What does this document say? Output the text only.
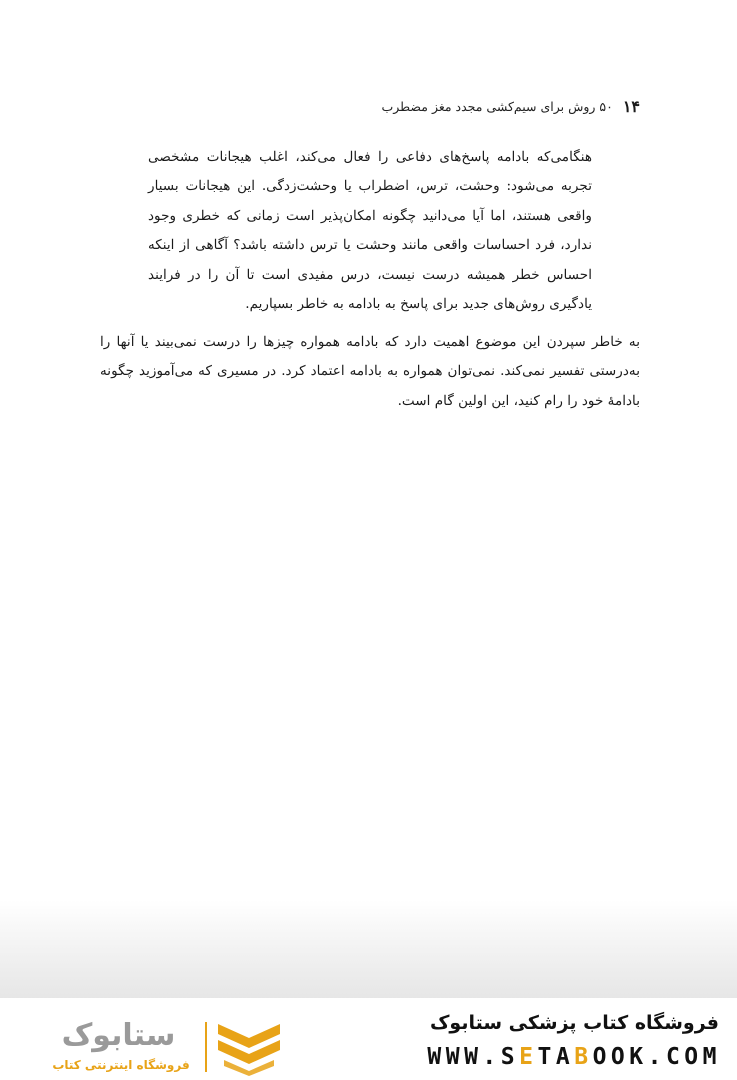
۱۴
۵۰ روش برای سیم‌کشی مجدد مغز مضطرب
هنگامی‌که بادامه پاسخ‌های دفاعی را فعال می‌کند، اغلب هیجانات مشخصی تجربه می‌شود: وحشت، ترس، اضطراب یا وحشت‌زدگی. این هیجانات بسیار واقعی هستند، اما آیا می‌دانید چگونه امکان‌پذیر است زمانی که خطری وجود ندارد، فرد احساسات واقعی مانند وحشت یا ترس داشته باشد؟ آگاهی از اینکه احساس خطر همیشه درست نیست، درس مفیدی است تا آن را در فرایند یادگیری روش‌های جدید برای پاسخ به بادامه به خاطر بسپاریم.
به خاطر سپردن این موضوع اهمیت دارد که بادامه همواره چیزها را درست نمی‌بیند یا آنها را به‌درستی تفسیر نمی‌کند. نمی‌توان همواره به بادامه اعتماد کرد. در مسیری که می‌آموزید چگونه بادامهٔ خود را رام کنید، این اولین گام است.
فروشگاه کتاب پزشکی ستابوک
WWW.SETABOOK.COM
ستابوک
فروشگاه اینترنتی کتاب
